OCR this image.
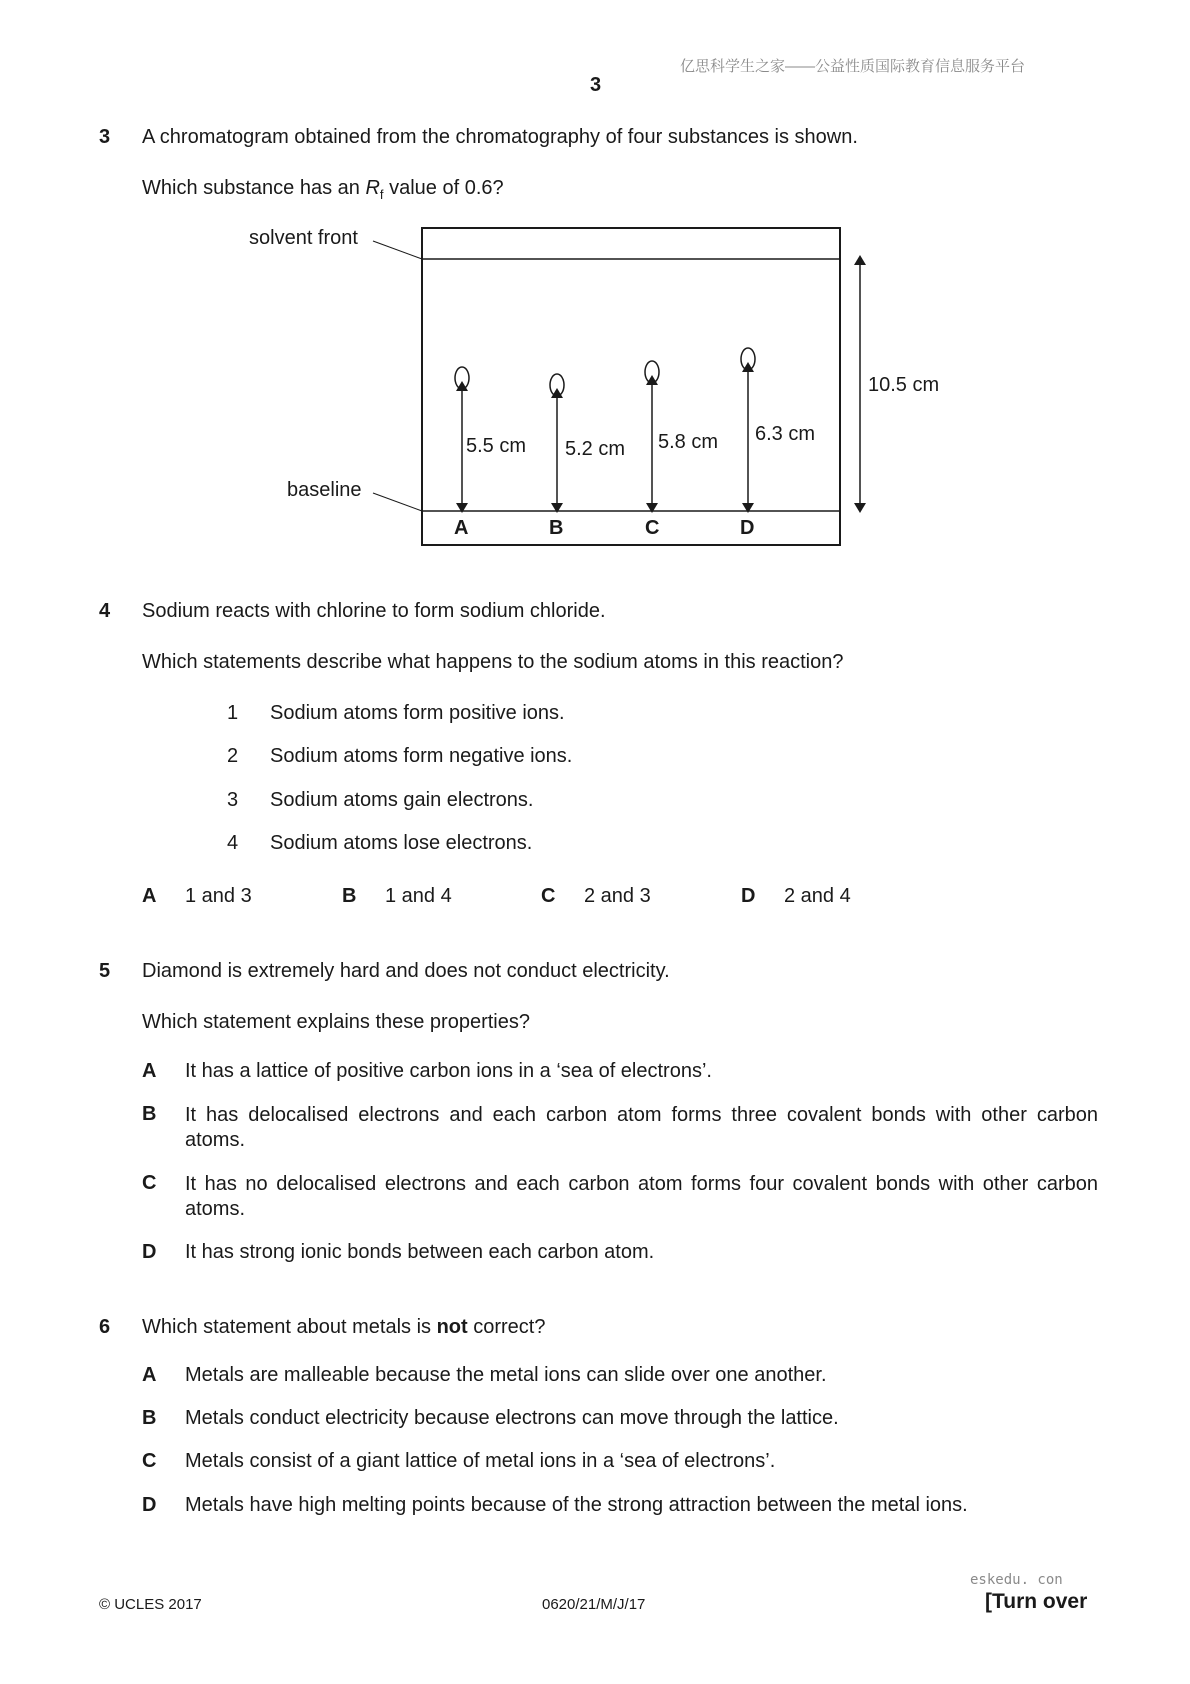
亿思科学生之家——公益性质国际教育信息服务平台
3
3 A chromatogram obtained from the chromatography of four substances is shown.
Which substance has an $R_f$ value of 0.6?
solvent front
baseline
10.5 cm
5.5 cm 5.2 cm 5.8 cm 6.3 cm
A	B	C	D
4 Sodium reacts with chlorine to form sodium chloride.
Which statements describe what happens to the sodium atoms in this reaction?
1	Sodium atoms form positive ions.
2	Sodium atoms form negative ions.
3	Sodium atoms gain electrons.
4	Sodium atoms lose electrons.
A 1 and 3	B 1 and 4	C 2 and 3	D 2 and 4
5 Diamond is extremely hard and does not conduct electricity.
Which statement explains these properties?
A It has a lattice of positive carbon ions in a ‘sea of electrons’.
B It has delocalised electrons and each carbon atom forms three covalent bonds with other carbon atoms.
C It has no delocalised electrons and each carbon atom forms four covalent bonds with other carbon atoms.
D It has strong ionic bonds between each carbon atom.
6 Which statement about metals is not correct?
A Metals are malleable because the metal ions can slide over one another.
B Metals conduct electricity because electrons can move through the lattice.
C Metals consist of a giant lattice of metal ions in a ‘sea of electrons’.
D Metals have high melting points because of the strong attraction between the metal ions.
eskedu. con
© UCLES 2017	0620/21/M/J/17	[Turn over
